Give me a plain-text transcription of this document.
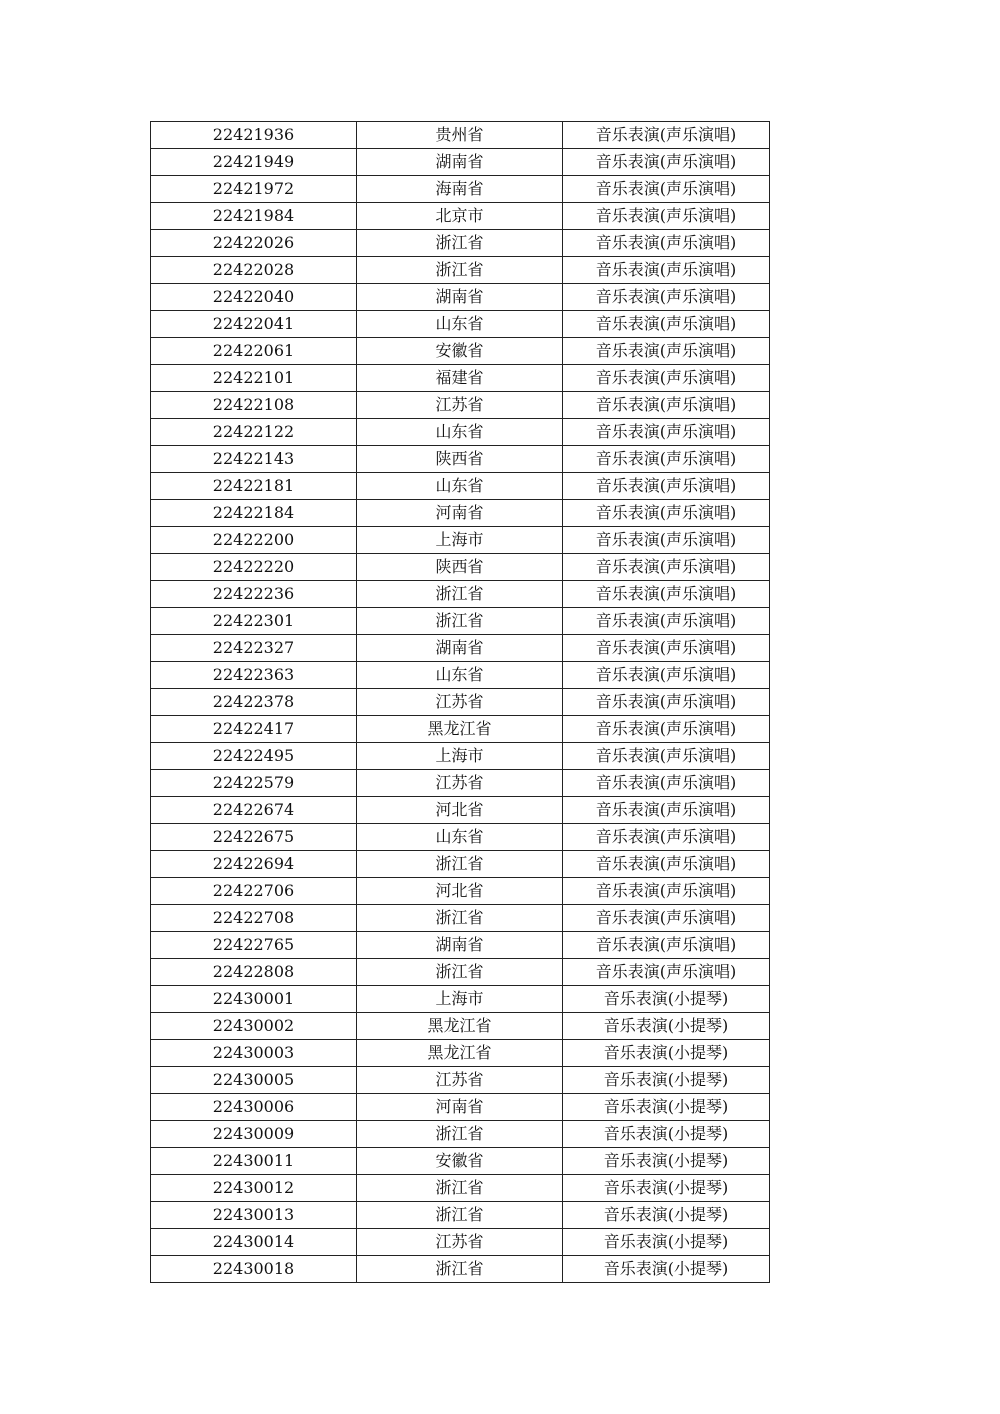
22421936	贵州省	音乐表演(声乐演唱)
22421949	湖南省	音乐表演(声乐演唱)
22421972	海南省	音乐表演(声乐演唱)
22421984	北京市	音乐表演(声乐演唱)
22422026	浙江省	音乐表演(声乐演唱)
22422028	浙江省	音乐表演(声乐演唱)
22422040	湖南省	音乐表演(声乐演唱)
22422041	山东省	音乐表演(声乐演唱)
22422061	安徽省	音乐表演(声乐演唱)
22422101	福建省	音乐表演(声乐演唱)
22422108	江苏省	音乐表演(声乐演唱)
22422122	山东省	音乐表演(声乐演唱)
22422143	陕西省	音乐表演(声乐演唱)
22422181	山东省	音乐表演(声乐演唱)
22422184	河南省	音乐表演(声乐演唱)
22422200	上海市	音乐表演(声乐演唱)
22422220	陕西省	音乐表演(声乐演唱)
22422236	浙江省	音乐表演(声乐演唱)
22422301	浙江省	音乐表演(声乐演唱)
22422327	湖南省	音乐表演(声乐演唱)
22422363	山东省	音乐表演(声乐演唱)
22422378	江苏省	音乐表演(声乐演唱)
22422417	黑龙江省	音乐表演(声乐演唱)
22422495	上海市	音乐表演(声乐演唱)
22422579	江苏省	音乐表演(声乐演唱)
22422674	河北省	音乐表演(声乐演唱)
22422675	山东省	音乐表演(声乐演唱)
22422694	浙江省	音乐表演(声乐演唱)
22422706	河北省	音乐表演(声乐演唱)
22422708	浙江省	音乐表演(声乐演唱)
22422765	湖南省	音乐表演(声乐演唱)
22422808	浙江省	音乐表演(声乐演唱)
22430001	上海市	音乐表演(小提琴)
22430002	黑龙江省	音乐表演(小提琴)
22430003	黑龙江省	音乐表演(小提琴)
22430005	江苏省	音乐表演(小提琴)
22430006	河南省	音乐表演(小提琴)
22430009	浙江省	音乐表演(小提琴)
22430011	安徽省	音乐表演(小提琴)
22430012	浙江省	音乐表演(小提琴)
22430013	浙江省	音乐表演(小提琴)
22430014	江苏省	音乐表演(小提琴)
22430018	浙江省	音乐表演(小提琴)
